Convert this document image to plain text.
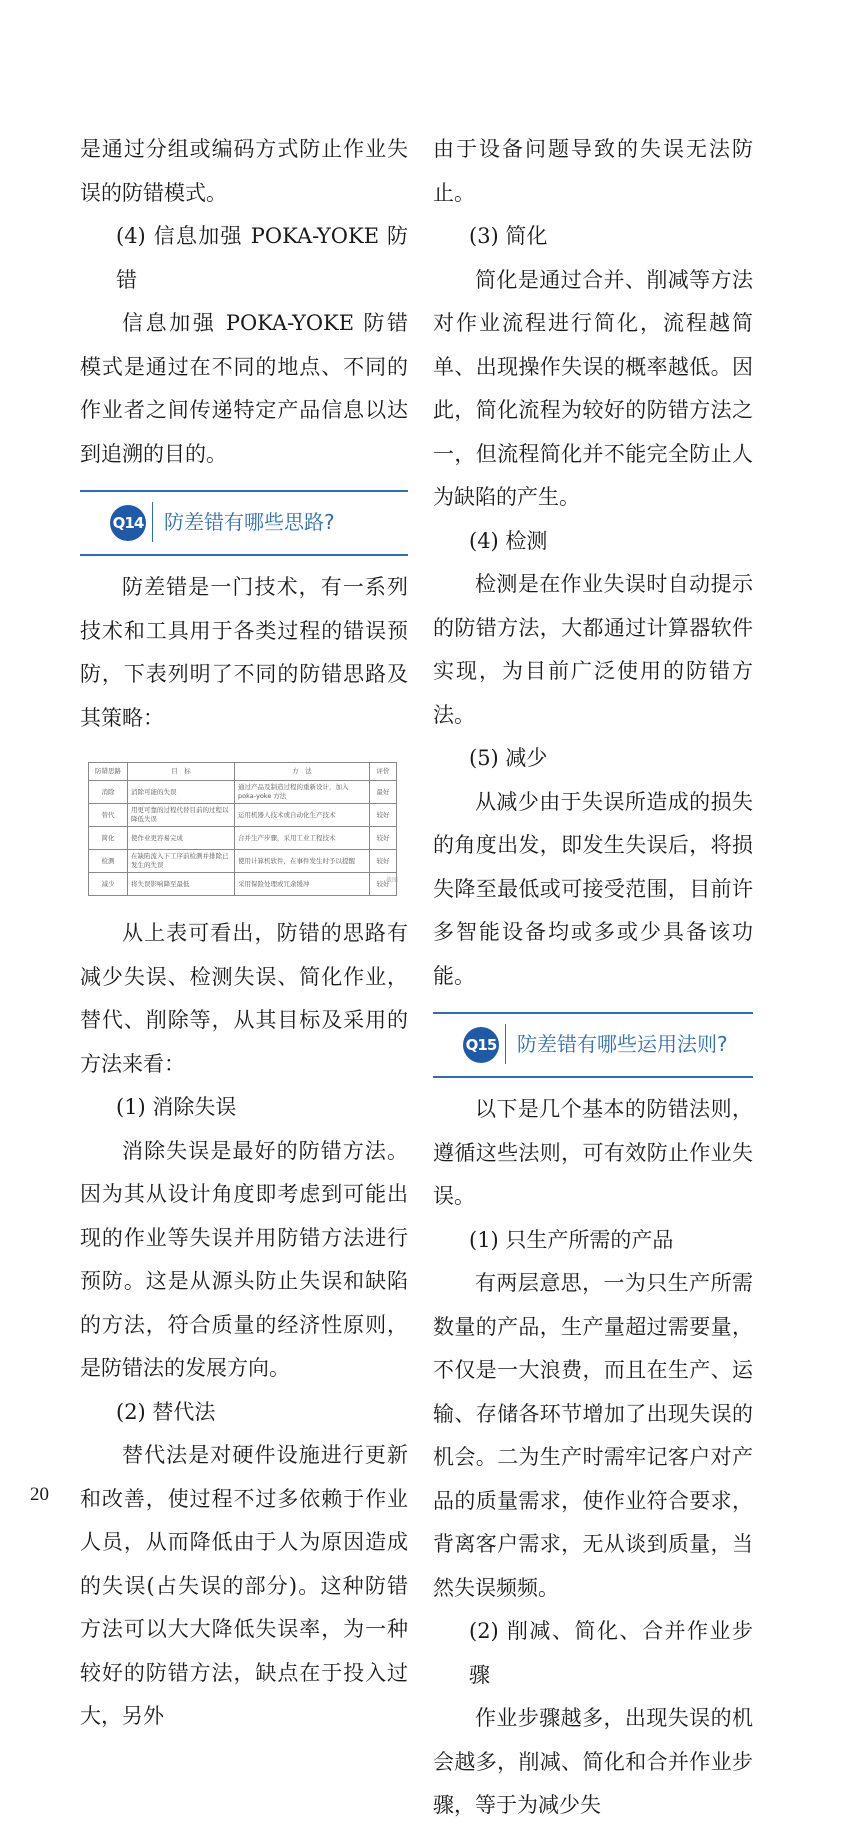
是通过分组或编码方式防止作业失误的防错模式。

(4) 信息加强 POKA-YOKE 防错

信息加强 POKA-YOKE 防错模式是通过在不同的地点、不同的作业者之间传递特定产品信息以达到追溯的目的。

Q14 防差错有哪些思路?

防差错是一门技术，有一系列技术和工具用于各类过程的错误预防，下表列明了不同的防错思路及其策略：

防错思路	目　标	方　法	评价
消除	消除可能的失误	通过产品及制造过程的重新设计，加入 poka-yoke 方法	最好
替代	用更可靠的过程代替目前的过程以降低失误	运用机器人技术或自动化生产技术	较好
简化	使作业更容易完成	合并生产步骤，采用工业工程技术	较好
检测	在缺陷流入下工序前检测并排除已发生的失误	使用计算机软件，在事件发生时予以提醒	较好
减少	将失误影响降至最低	采用保险处理或冗余缓冲	较好
截图

从上表可看出，防错的思路有减少失误、检测失误、简化作业，替代、削除等，从其目标及采用的方法来看：

(1) 消除失误

消除失误是最好的防错方法。因为其从设计角度即考虑到可能出现的作业等失误并用防错方法进行预防。这是从源头防止失误和缺陷的方法，符合质量的经济性原则，是防错法的发展方向。

(2) 替代法

替代法是对硬件设施进行更新和改善，使过程不过多依赖于作业人员，从而降低由于人为原因造成的失误(占失误的部分)。这种防错方法可以大大降低失误率，为一种较好的防错方法，缺点在于投入过大，另外

由于设备问题导致的失误无法防止。

(3) 简化

简化是通过合并、削减等方法对作业流程进行简化，流程越简单、出现操作失误的概率越低。因此，简化流程为较好的防错方法之一，但流程简化并不能完全防止人为缺陷的产生。

(4) 检测

检测是在作业失误时自动提示的防错方法，大都通过计算器软件实现，为目前广泛使用的防错方法。

(5) 减少

从减少由于失误所造成的损失的角度出发，即发生失误后，将损失降至最低或可接受范围，目前许多智能设备均或多或少具备该功能。

Q15 防差错有哪些运用法则?

以下是几个基本的防错法则，遵循这些法则，可有效防止作业失误。

(1) 只生产所需的产品

有两层意思，一为只生产所需数量的产品，生产量超过需要量，不仅是一大浪费，而且在生产、运输、存储各环节增加了出现失误的机会。二为生产时需牢记客户对产品的质量需求，使作业符合要求，背离客户需求，无从谈到质量，当然失误频频。

(2) 削减、简化、合并作业步骤

作业步骤越多，出现失误的机会越多，削减、简化和合并作业步骤，等于为减少失

20
